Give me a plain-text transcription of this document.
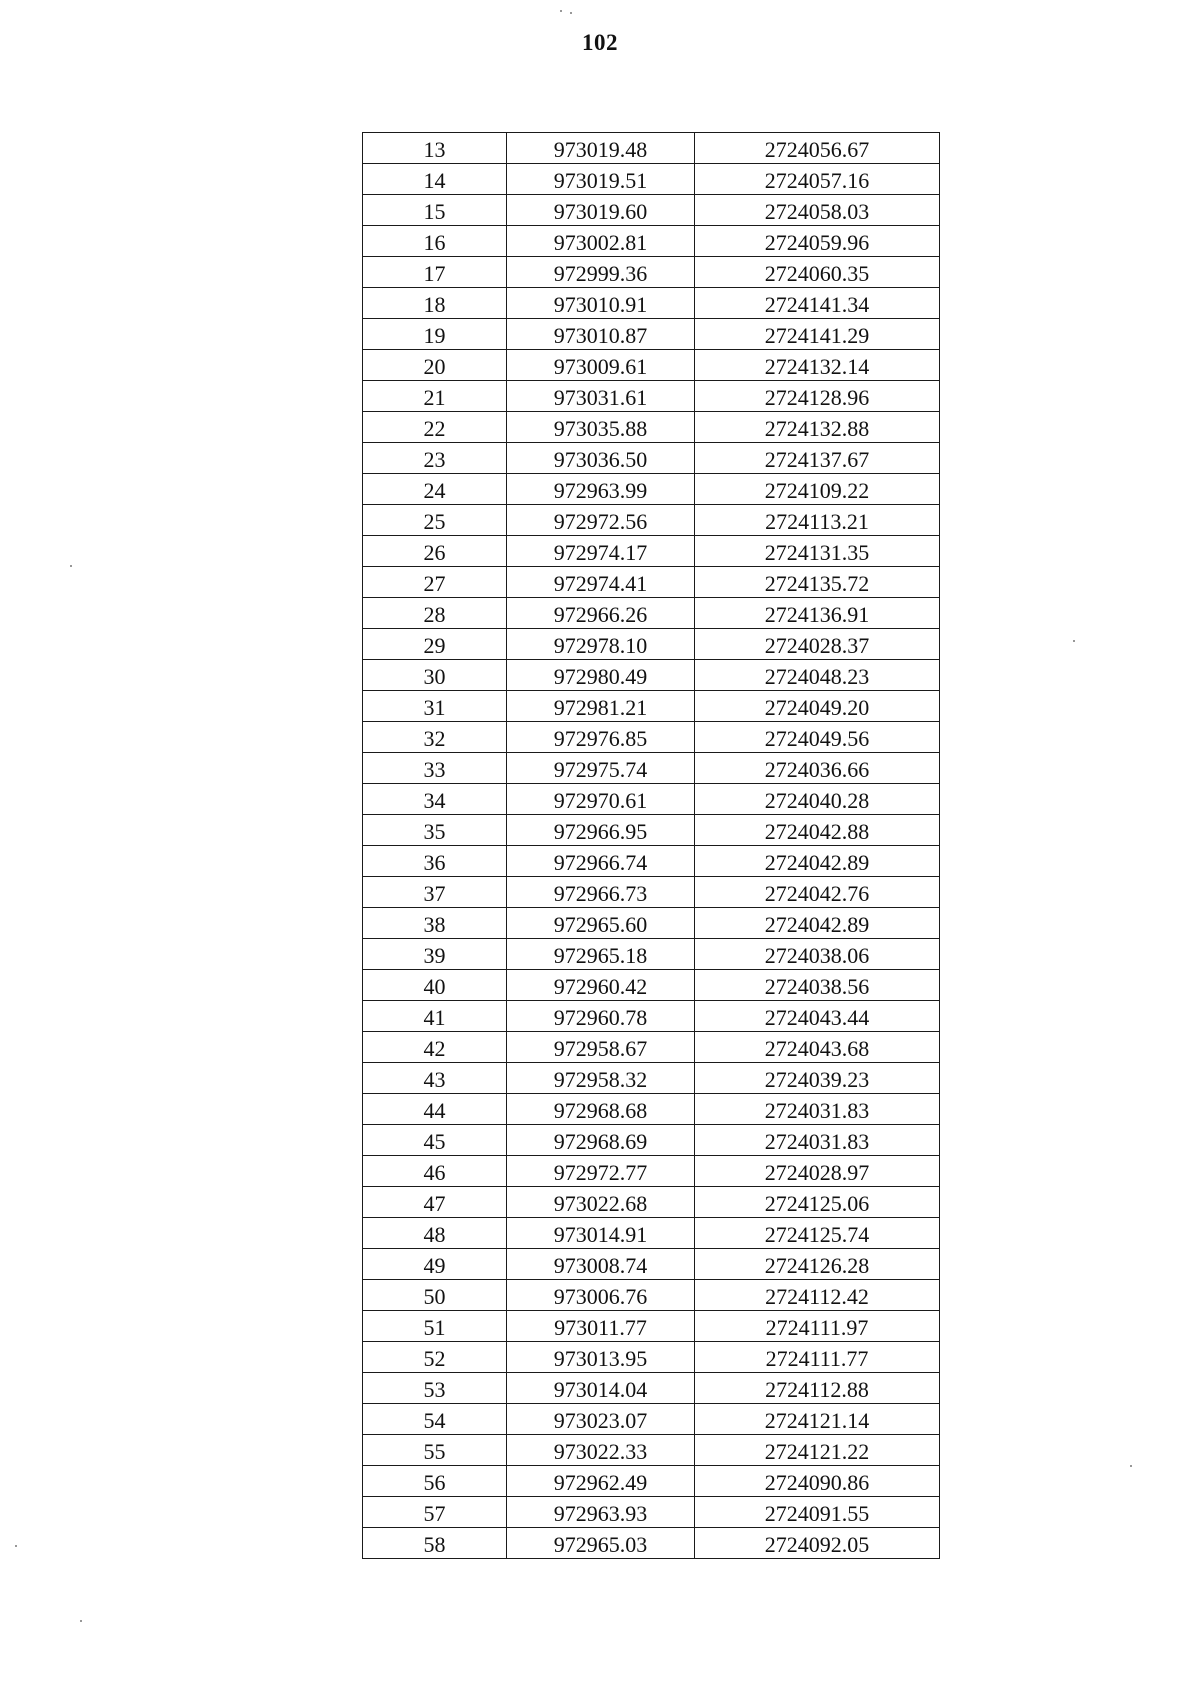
102
13	973019.48	2724056.67
14	973019.51	2724057.16
15	973019.60	2724058.03
16	973002.81	2724059.96
17	972999.36	2724060.35
18	973010.91	2724141.34
19	973010.87	2724141.29
20	973009.61	2724132.14
21	973031.61	2724128.96
22	973035.88	2724132.88
23	973036.50	2724137.67
24	972963.99	2724109.22
25	972972.56	2724113.21
26	972974.17	2724131.35
27	972974.41	2724135.72
28	972966.26	2724136.91
29	972978.10	2724028.37
30	972980.49	2724048.23
31	972981.21	2724049.20
32	972976.85	2724049.56
33	972975.74	2724036.66
34	972970.61	2724040.28
35	972966.95	2724042.88
36	972966.74	2724042.89
37	972966.73	2724042.76
38	972965.60	2724042.89
39	972965.18	2724038.06
40	972960.42	2724038.56
41	972960.78	2724043.44
42	972958.67	2724043.68
43	972958.32	2724039.23
44	972968.68	2724031.83
45	972968.69	2724031.83
46	972972.77	2724028.97
47	973022.68	2724125.06
48	973014.91	2724125.74
49	973008.74	2724126.28
50	973006.76	2724112.42
51	973011.77	2724111.97
52	973013.95	2724111.77
53	973014.04	2724112.88
54	973023.07	2724121.14
55	973022.33	2724121.22
56	972962.49	2724090.86
57	972963.93	2724091.55
58	972965.03	2724092.05
